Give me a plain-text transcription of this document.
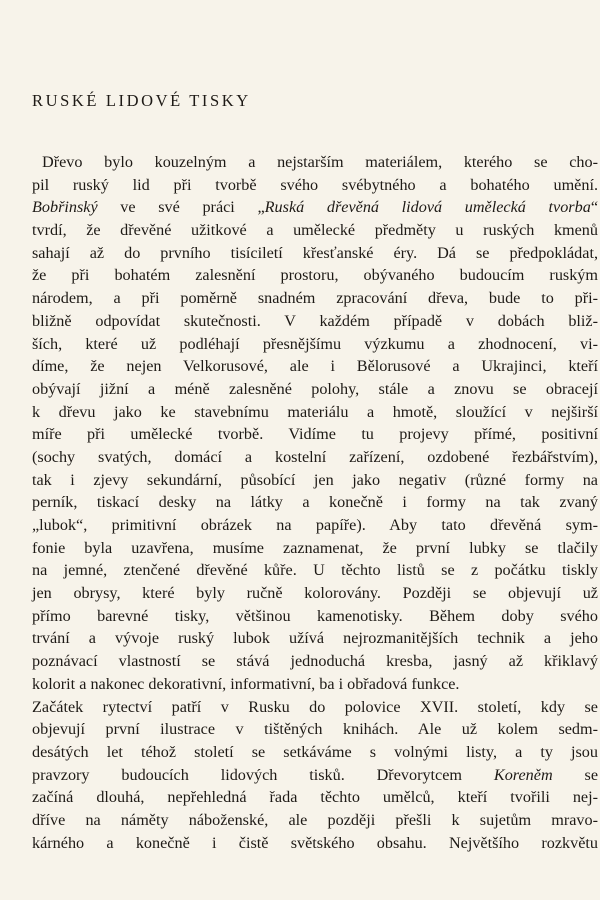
RUSKÉ LIDOVÉ TISKY
Dřevo bylo kouzelným a nejstarším materiálem, kterého se cho-
pil ruský lid při tvorbě svého svébytného a bohatého umění.
Bobřinský ve své práci „Ruská dřevěná lidová umělecká tvorba“
tvrdí, že dřevěné užitkové a umělecké předměty u ruských kmenů
sahají až do prvního tisíciletí křesťanské éry. Dá se předpokládat,
že při bohatém zalesnění prostoru, obývaného budoucím ruským
národem, a při poměrně snadném zpracování dřeva, bude to při-
bližně odpovídat skutečnosti. V každém případě v dobách bliž-
ších, které už podléhají přesnějšímu výzkumu a zhodnocení, vi-
díme, že nejen Velkorusové, ale i Bělorusové a Ukrajinci, kteří
obývají jižní a méně zalesněné polohy, stále a znovu se obracejí
k dřevu jako ke stavebnímu materiálu a hmotě, sloužící v nejširší
míře při umělecké tvorbě. Vidíme tu projevy přímé, positivní
(sochy svatých, domácí a kostelní zařízení, ozdobené řezbářstvím),
tak i zjevy sekundární, působící jen jako negativ (různé formy na
perník, tiskací desky na látky a konečně i formy na tak zvaný
„lubok“, primitivní obrázek na papíře). Aby tato dřevěná sym-
fonie byla uzavřena, musíme zaznamenat, že první lubky se tlačily
na jemné, ztenčené dřevěné kůře. U těchto listů se z počátku tiskly
jen obrysy, které byly ručně kolorovány. Později se objevují už
přímo barevné tisky, většinou kamenotisky. Během doby svého
trvání a vývoje ruský lubok užívá nejrozmanitějších technik a jeho
poznávací vlastností se stává jednoduchá kresba, jasný až křiklavý
kolorit a nakonec dekorativní, informativní, ba i obřadová funkce.
Začátek rytectví patří v Rusku do polovice XVII. století, kdy se
objevují první ilustrace v tištěných knihách. Ale už kolem sedm-
desátých let téhož století se setkáváme s volnými listy, a ty jsou
pravzory budoucích lidových tisků. Dřevorytcem Koreněm se
začíná dlouhá, nepřehledná řada těchto umělců, kteří tvořili nej-
dříve na náměty náboženské, ale později přešli k sujetům mravo-
kárného a konečně i čistě světského obsahu. Největšího rozkvětu
